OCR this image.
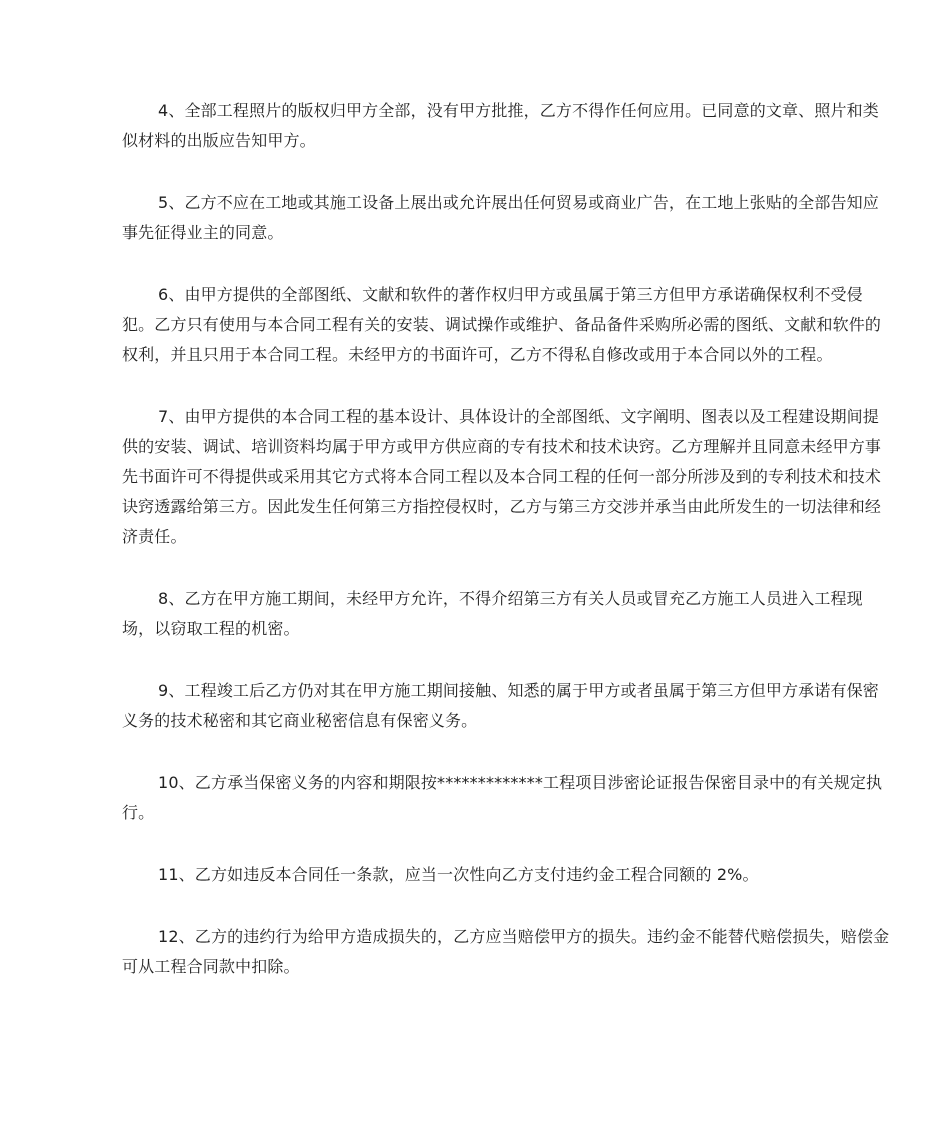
4、全部工程照片的版权归甲方全部，没有甲方批推，乙方不得作任何应用。已同意的文章、照片和类似材料的出版应告知甲方。

5、乙方不应在工地或其施工设备上展出或允许展出任何贸易或商业广告，在工地上张贴的全部告知应事先征得业主的同意。

6、由甲方提供的全部图纸、文献和软件的著作权归甲方或虽属于第三方但甲方承诺确保权利不受侵犯。乙方只有使用与本合同工程有关的安装、调试操作或维护、备品备件采购所必需的图纸、文献和软件的权利，并且只用于本合同工程。未经甲方的书面许可，乙方不得私自修改或用于本合同以外的工程。

7、由甲方提供的本合同工程的基本设计、具体设计的全部图纸、文字阐明、图表以及工程建设期间提供的安装、调试、培训资料均属于甲方或甲方供应商的专有技术和技术诀窍。乙方理解并且同意未经甲方事先书面许可不得提供或采用其它方式将本合同工程以及本合同工程的任何一部分所涉及到的专利技术和技术诀窍透露给第三方。因此发生任何第三方指控侵权时，乙方与第三方交涉并承当由此所发生的一切法律和经济责任。

8、乙方在甲方施工期间，未经甲方允许，不得介绍第三方有关人员或冒充乙方施工人员进入工程现场，以窃取工程的机密。

9、工程竣工后乙方仍对其在甲方施工期间接触、知悉的属于甲方或者虽属于第三方但甲方承诺有保密义务的技术秘密和其它商业秘密信息有保密义务。

10、乙方承当保密义务的内容和期限按*************工程项目涉密论证报告保密目录中的有关规定执行。

11、乙方如违反本合同任一条款，应当一次性向乙方支付违约金工程合同额的 2%。

12、乙方的违约行为给甲方造成损失的，乙方应当赔偿甲方的损失。违约金不能替代赔偿损失，赔偿金可从工程合同款中扣除。
